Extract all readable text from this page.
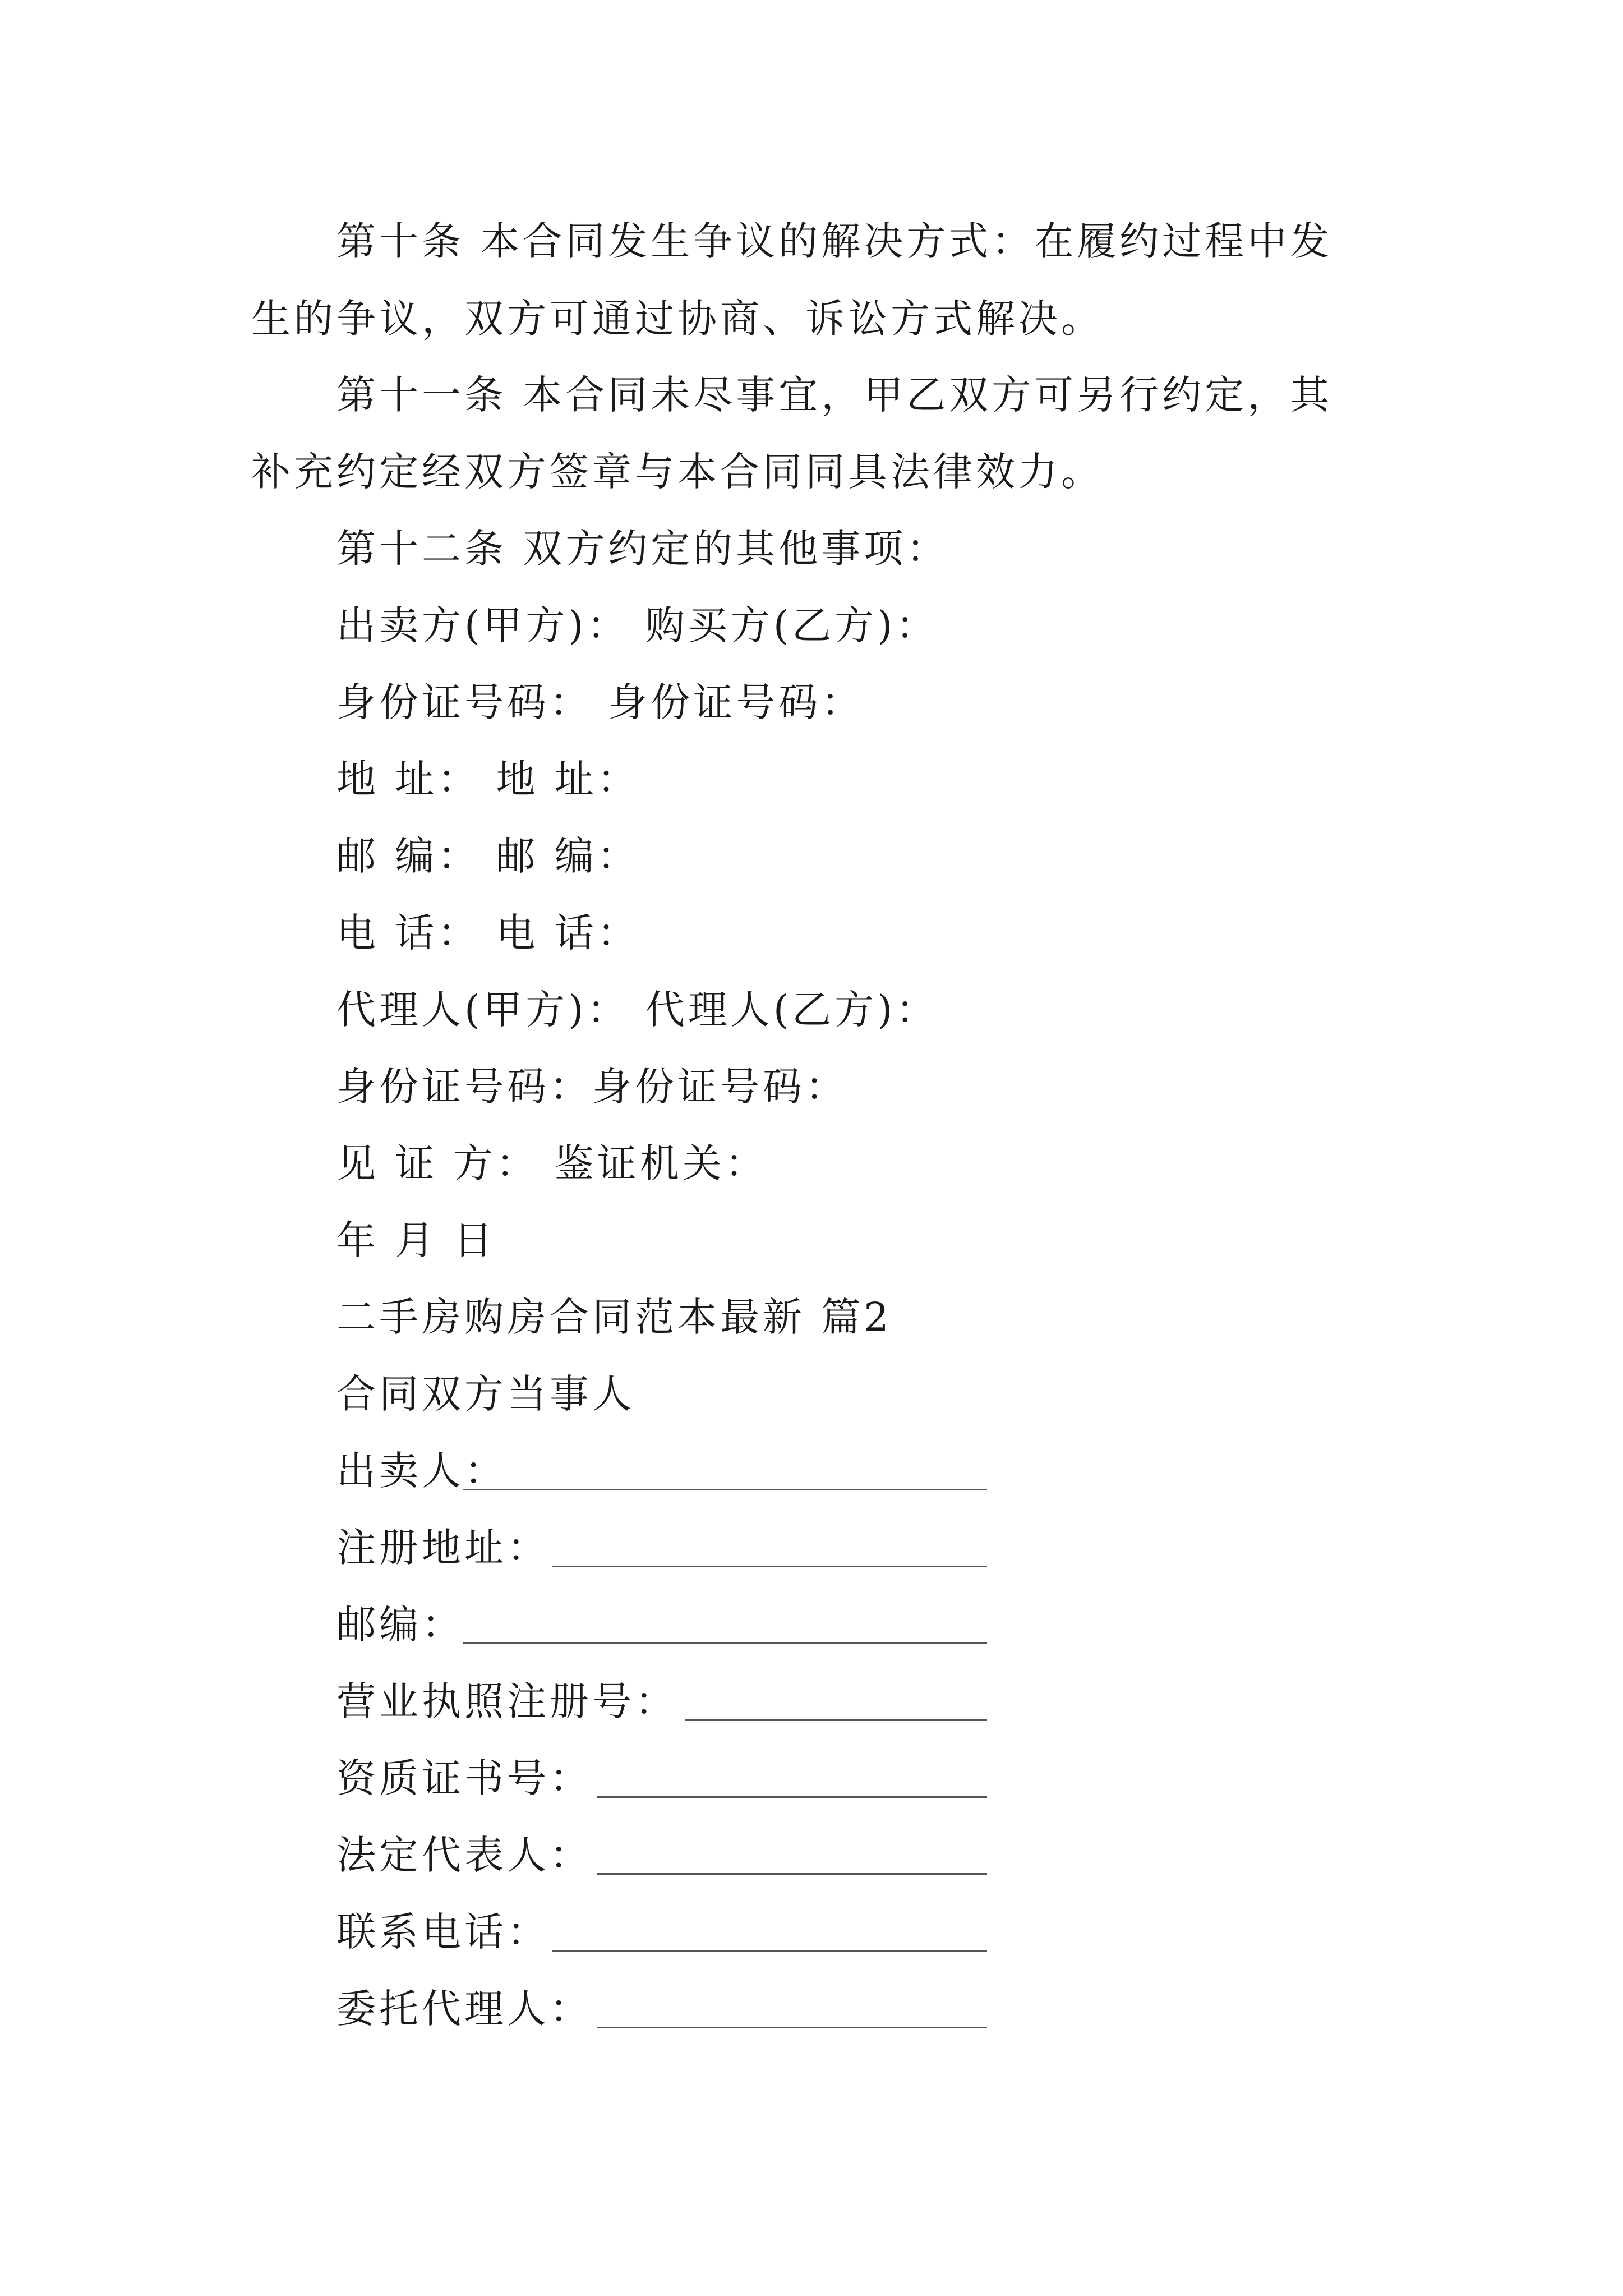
第十条 本合同发生争议的解决方式：在履约过程中发
生的争议，双方可通过协商、诉讼方式解决。
第十一条 本合同未尽事宜，甲乙双方可另行约定，其
补充约定经双方签章与本合同同具法律效力。
第十二条 双方约定的其他事项：
出卖方(甲方)： 购买方(乙方)：
身份证号码： 身份证号码：
地 址： 地 址：
邮 编： 邮 编：
电 话： 电 话：
代理人(甲方)： 代理人(乙方)：
身份证号码：身份证号码：
见 证 方： 鉴证机关：
年 月 日
二手房购房合同范本最新 篇2
合同双方当事人
出卖人：
注册地址：
邮编：
营业执照注册号：
资质证书号：
法定代表人：
联系电话：
委托代理人：
